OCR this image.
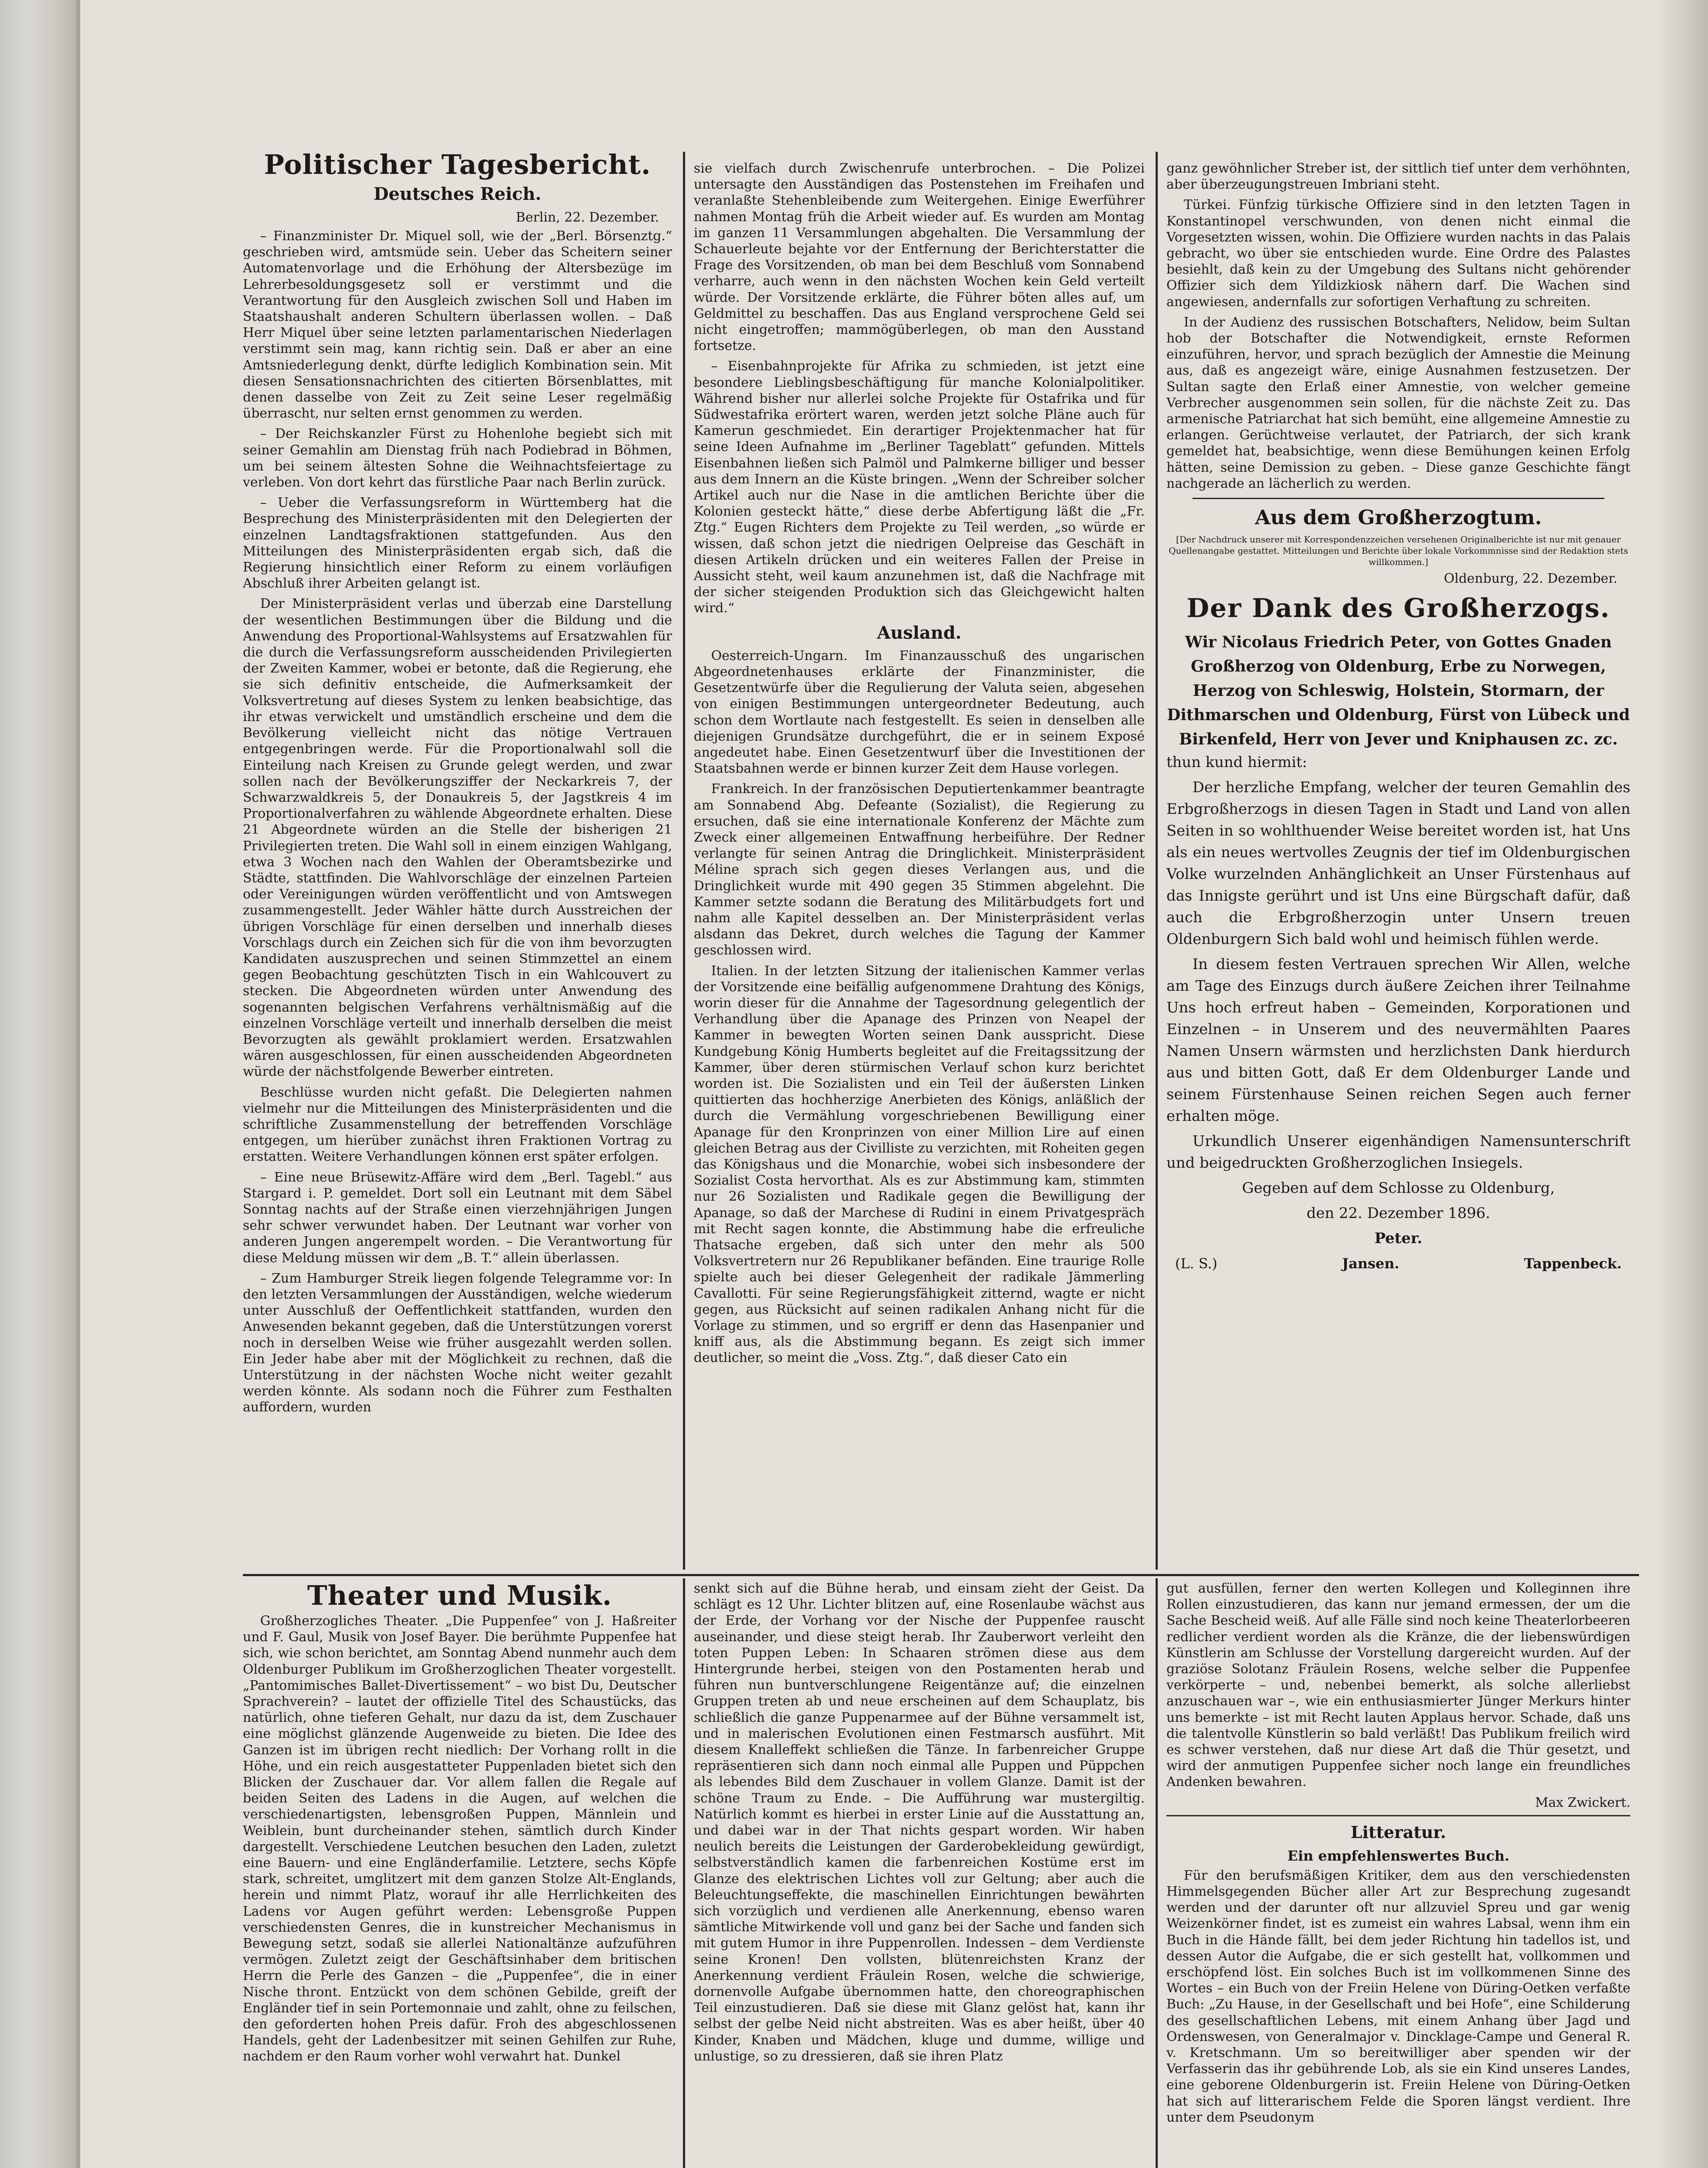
Politischer Tagesbericht.
Deutsches Reich.
Berlin, 22. Dezember.

– Finanzminister Dr. Miquel soll, wie der „Berl. Börsenztg.“ geschrieben wird, amtsmüde sein. Ueber das Scheitern seiner Automatenvorlage und die Erhöhung der Altersbezüge im Lehrerbesoldungsgesetz soll er verstimmt und die Verantwortung für den Ausgleich zwischen Soll und Haben im Staatshaushalt anderen Schultern überlassen wollen. – Daß Herr Miquel über seine letzten parlamentarischen Niederlagen verstimmt sein mag, kann richtig sein. Daß er aber an eine Amtsniederlegung denkt, dürfte lediglich Kombination sein. Mit diesen Sensationsnachrichten des citierten Börsenblattes, mit denen dasselbe von Zeit zu Zeit seine Leser regelmäßig überrascht, nur selten ernst genommen zu werden.

– Der Reichskanzler Fürst zu Hohenlohe begiebt sich mit seiner Gemahlin am Dienstag früh nach Podiebrad in Böhmen, um bei seinem ältesten Sohne die Weihnachtsfeiertage zu verleben. Von dort kehrt das fürstliche Paar nach Berlin zurück.

– Ueber die Verfassungsreform in Württemberg hat die Besprechung des Ministerpräsidenten mit den Delegierten der einzelnen Landtagsfraktionen stattgefunden. Aus den Mitteilungen des Ministerpräsidenten ergab sich, daß die Regierung hinsichtlich einer Reform zu einem vorläufigen Abschluß ihrer Arbeiten gelangt ist.

Der Ministerpräsident verlas und überzab eine Darstellung der wesentlichen Bestimmungen über die Bildung und die Anwendung des Proportional-Wahlsystems auf Ersatzwahlen für die durch die Verfassungsreform ausscheidenden Privilegierten der Zweiten Kammer, wobei er betonte, daß die Regierung, ehe sie sich definitiv entscheide, die Aufmerksamkeit der Volksvertretung auf dieses System zu lenken beabsichtige, das ihr etwas verwickelt und umständlich erscheine und dem die Bevölkerung vielleicht nicht das nötige Vertrauen entgegenbringen werde. Für die Proportionalwahl soll die Einteilung nach Kreisen zu Grunde gelegt werden, und zwar sollen nach der Bevölkerungsziffer der Neckarkreis 7, der Schwarzwaldkreis 5, der Donaukreis 5, der Jagstkreis 4 im Proportionalverfahren zu wählende Abgeordnete erhalten. Diese 21 Abgeordnete würden an die Stelle der bisherigen 21 Privilegierten treten. Die Wahl soll in einem einzigen Wahlgang, etwa 3 Wochen nach den Wahlen der Oberamtsbezirke und Städte, stattfinden. Die Wahlvorschläge der einzelnen Parteien oder Vereinigungen würden veröffentlicht und von Amtswegen zusammengestellt. Jeder Wähler hätte durch Ausstreichen der übrigen Vorschläge für einen derselben und innerhalb dieses Vorschlags durch ein Zeichen sich für die von ihm bevorzugten Kandidaten auszusprechen und seinen Stimmzettel an einem gegen Beobachtung geschützten Tisch in ein Wahlcouvert zu stecken. Die Abgeordneten würden unter Anwendung des sogenannten belgischen Verfahrens verhältnismäßig auf die einzelnen Vorschläge verteilt und innerhalb derselben die meist Bevorzugten als gewählt proklamiert werden. Ersatzwahlen wären ausgeschlossen, für einen ausscheidenden Abgeordneten würde der nächstfolgende Bewerber eintreten.

Beschlüsse wurden nicht gefaßt. Die Delegierten nahmen vielmehr nur die Mitteilungen des Ministerpräsidenten und die schriftliche Zusammenstellung der betreffenden Vorschläge entgegen, um hierüber zunächst ihren Fraktionen Vortrag zu erstatten. Weitere Verhandlungen können erst später erfolgen.

– Eine neue Brüsewitz-Affäre wird dem „Berl. Tagebl.“ aus Stargard i. P. gemeldet. Dort soll ein Leutnant mit dem Säbel Sonntag nachts auf der Straße einen vierzehnjährigen Jungen sehr schwer verwundet haben. Der Leutnant war vorher von anderen Jungen angerempelt worden. – Die Verantwortung für diese Meldung müssen wir dem „B. T.“ allein überlassen.

– Zum Hamburger Streik liegen folgende Telegramme vor: In den letzten Versammlungen der Ausständigen, welche wiederum unter Ausschluß der Oeffentlichkeit stattfanden, wurden den Anwesenden bekannt gegeben, daß die Unterstützungen vorerst noch in derselben Weise wie früher ausgezahlt werden sollen. Ein Jeder habe aber mit der Möglichkeit zu rechnen, daß die Unterstützung in der nächsten Woche nicht weiter gezahlt werden könnte. Als sodann noch die Führer zum Festhalten auffordern, wurden

sie vielfach durch Zwischenrufe unterbrochen. – Die Polizei untersagte den Ausständigen das Postenstehen im Freihafen und veranlaßte Stehenbleibende zum Weitergehen. Einige Ewerführer nahmen Montag früh die Arbeit wieder auf. Es wurden am Montag im ganzen 11 Versammlungen abgehalten. Die Versammlung der Schauerleute bejahte vor der Entfernung der Berichterstatter die Frage des Vorsitzenden, ob man bei dem Beschluß vom Sonnabend verharre, auch wenn in den nächsten Wochen kein Geld verteilt würde. Der Vorsitzende erklärte, die Führer böten alles auf, um Geldmittel zu beschaffen. Das aus England versprochene Geld sei nicht eingetroffen; mammögüberlegen, ob man den Ausstand fortsetze.

– Eisenbahnprojekte für Afrika zu schmieden, ist jetzt eine besondere Lieblingsbeschäftigung für manche Kolonialpolitiker. Während bisher nur allerlei solche Projekte für Ostafrika und für Südwestafrika erörtert waren, werden jetzt solche Pläne auch für Kamerun geschmiedet. Ein derartiger Projektenmacher hat für seine Ideen Aufnahme im „Berliner Tageblatt“ gefunden. Mittels Eisenbahnen ließen sich Palmöl und Palmkerne billiger und besser aus dem Innern an die Küste bringen. „Wenn der Schreiber solcher Artikel auch nur die Nase in die amtlichen Berichte über die Kolonien gesteckt hätte,“ diese derbe Abfertigung läßt die „Fr. Ztg.“ Eugen Richters dem Projekte zu Teil werden, „so würde er wissen, daß schon jetzt die niedrigen Oelpreise das Geschäft in diesen Artikeln drücken und ein weiteres Fallen der Preise in Aussicht steht, weil kaum anzunehmen ist, daß die Nachfrage mit der sicher steigenden Produktion sich das Gleichgewicht halten wird.“

Ausland.

Oesterreich-Ungarn. Im Finanzausschuß des ungarischen Abgeordnetenhauses erklärte der Finanzminister, die Gesetzentwürfe über die Regulierung der Valuta seien, abgesehen von einigen Bestimmungen untergeordneter Bedeutung, auch schon dem Wortlaute nach festgestellt. Es seien in denselben alle diejenigen Grundsätze durchgeführt, die er in seinem Exposé angedeutet habe. Einen Gesetzentwurf über die Investitionen der Staatsbahnen werde er binnen kurzer Zeit dem Hause vorlegen.

Frankreich. In der französischen Deputiertenkammer beantragte am Sonnabend Abg. Defeante (Sozialist), die Regierung zu ersuchen, daß sie eine internationale Konferenz der Mächte zum Zweck einer allgemeinen Entwaffnung herbeiführe. Der Redner verlangte für seinen Antrag die Dringlichkeit. Ministerpräsident Méline sprach sich gegen dieses Verlangen aus, und die Dringlichkeit wurde mit 490 gegen 35 Stimmen abgelehnt. Die Kammer setzte sodann die Beratung des Militärbudgets fort und nahm alle Kapitel desselben an. Der Ministerpräsident verlas alsdann das Dekret, durch welches die Tagung der Kammer geschlossen wird.

Italien. In der letzten Sitzung der italienischen Kammer verlas der Vorsitzende eine beifällig aufgenommene Drahtung des Königs, worin dieser für die Annahme der Tagesordnung gelegentlich der Verhandlung über die Apanage des Prinzen von Neapel der Kammer in bewegten Worten seinen Dank ausspricht. Diese Kundgebung König Humberts begleitet auf die Freitagssitzung der Kammer, über deren stürmischen Verlauf schon kurz berichtet worden ist. Die Sozialisten und ein Teil der äußersten Linken quittierten das hochherzige Anerbieten des Königs, anläßlich der durch die Vermählung vorgeschriebenen Bewilligung einer Apanage für den Kronprinzen von einer Million Lire auf einen gleichen Betrag aus der Civilliste zu verzichten, mit Roheiten gegen das Königshaus und die Monarchie, wobei sich insbesondere der Sozialist Costa hervorthat. Als es zur Abstimmung kam, stimmten nur 26 Sozialisten und Radikale gegen die Bewilligung der Apanage, so daß der Marchese di Rudini in einem Privatgespräch mit Recht sagen konnte, die Abstimmung habe die erfreuliche Thatsache ergeben, daß sich unter den mehr als 500 Volksvertretern nur 26 Republikaner befänden. Eine traurige Rolle spielte auch bei dieser Gelegenheit der radikale Jämmerling Cavallotti. Für seine Regierungsfähigkeit zitternd, wagte er nicht gegen, aus Rücksicht auf seinen radikalen Anhang nicht für die Vorlage zu stimmen, und so ergriff er denn das Hasenpanier und kniff aus, als die Abstimmung begann. Es zeigt sich immer deutlicher, so meint die „Voss. Ztg.“, daß dieser Cato ein

ganz gewöhnlicher Streber ist, der sittlich tief unter dem verhöhnten, aber überzeugungstreuen Imbriani steht.

Türkei. Fünfzig türkische Offiziere sind in den letzten Tagen in Konstantinopel verschwunden, von denen nicht einmal die Vorgesetzten wissen, wohin. Die Offiziere wurden nachts in das Palais gebracht, wo über sie entschieden wurde. Eine Ordre des Palastes besiehlt, daß kein zu der Umgebung des Sultans nicht gehörender Offizier sich dem Yildizkiosk nähern darf. Die Wachen sind angewiesen, andernfalls zur sofortigen Verhaftung zu schreiten.

In der Audienz des russischen Botschafters, Nelidow, beim Sultan hob der Botschafter die Notwendigkeit, ernste Reformen einzuführen, hervor, und sprach bezüglich der Amnestie die Meinung aus, daß es angezeigt wäre, einige Ausnahmen festzusetzen. Der Sultan sagte den Erlaß einer Amnestie, von welcher gemeine Verbrecher ausgenommen sein sollen, für die nächste Zeit zu. Das armenische Patriarchat hat sich bemüht, eine allgemeine Amnestie zu erlangen. Gerüchtweise verlautet, der Patriarch, der sich krank gemeldet hat, beabsichtige, wenn diese Bemühungen keinen Erfolg hätten, seine Demission zu geben. – Diese ganze Geschichte fängt nachgerade an lächerlich zu werden.

Aus dem Großherzogtum.
[Der Nachdruck unserer mit Korrespondenzzeichen versehenen Originalberichte ist nur mit genauer Quellenangabe gestattet. Mitteilungen und Berichte über lokale Vorkommnisse sind der Redaktion stets willkommen.]
Oldenburg, 22. Dezember.
Der Dank des Großherzogs.

Wir Nicolaus Friedrich Peter, von Gottes Gnaden Großherzog von Oldenburg, Erbe zu Norwegen, Herzog von Schleswig, Holstein, Stormarn, der Dithmarschen und Oldenburg, Fürst von Lübeck und Birkenfeld, Herr von Jever und Kniphausen zc. zc.

thun kund hiermit:

Der herzliche Empfang, welcher der teuren Gemahlin des Erbgroßherzogs in diesen Tagen in Stadt und Land von allen Seiten in so wohlthuender Weise bereitet worden ist, hat Uns als ein neues wertvolles Zeugnis der tief im Oldenburgischen Volke wurzelnden Anhänglichkeit an Unser Fürstenhaus auf das Innigste gerührt und ist Uns eine Bürgschaft dafür, daß auch die Erbgroßherzogin unter Unsern treuen Oldenburgern Sich bald wohl und heimisch fühlen werde.

In diesem festen Vertrauen sprechen Wir Allen, welche am Tage des Einzugs durch äußere Zeichen ihrer Teilnahme Uns hoch erfreut haben – Gemeinden, Korporationen und Einzelnen – in Unserem und des neuvermählten Paares Namen Unsern wärmsten und herzlichsten Dank hierdurch aus und bitten Gott, daß Er dem Oldenburger Lande und seinem Fürstenhause Seinen reichen Segen auch ferner erhalten möge.

Urkundlich Unserer eigenhändigen Namensunterschrift und beigedruckten Großherzoglichen Insiegels.

Gegeben auf dem Schlosse zu Oldenburg,

den 22. Dezember 1896.

Peter.

(L. S.)	Jansen.	Tappenbeck.
Theater und Musik.

Großherzogliches Theater. „Die Puppenfee“ von J. Haßreiter und F. Gaul, Musik von Josef Bayer. Die berühmte Puppenfee hat sich, wie schon berichtet, am Sonntag Abend nunmehr auch dem Oldenburger Publikum im Großherzoglichen Theater vorgestellt. „Pantomimisches Ballet-Divertissement“ – wo bist Du, Deutscher Sprachverein? – lautet der offizielle Titel des Schaustücks, das natürlich, ohne tieferen Gehalt, nur dazu da ist, dem Zuschauer eine möglichst glänzende Augenweide zu bieten. Die Idee des Ganzen ist im übrigen recht niedlich: Der Vorhang rollt in die Höhe, und ein reich ausgestatteter Puppenladen bietet sich den Blicken der Zuschauer dar. Vor allem fallen die Regale auf beiden Seiten des Ladens in die Augen, auf welchen die verschiedenartigsten, lebensgroßen Puppen, Männlein und Weiblein, bunt durcheinander stehen, sämtlich durch Kinder dargestellt. Verschiedene Leutchen besuchen den Laden, zuletzt eine Bauern- und eine Engländerfamilie. Letztere, sechs Köpfe stark, schreitet, umglitzert mit dem ganzen Stolze Alt-Englands, herein und nimmt Platz, worauf ihr alle Herrlichkeiten des Ladens vor Augen geführt werden: Lebensgroße Puppen verschiedensten Genres, die in kunstreicher Mechanismus in Bewegung setzt, sodaß sie allerlei Nationaltänze aufzuführen vermögen. Zuletzt zeigt der Geschäftsinhaber dem britischen Herrn die Perle des Ganzen – die „Puppenfee“, die in einer Nische thront. Entzückt von dem schönen Gebilde, greift der Engländer tief in sein Portemonnaie und zahlt, ohne zu feilschen, den geforderten hohen Preis dafür. Froh des abgeschlossenen Handels, geht der Ladenbesitzer mit seinen Gehilfen zur Ruhe, nachdem er den Raum vorher wohl verwahrt hat. Dunkel

senkt sich auf die Bühne herab, und einsam zieht der Geist. Da schlägt es 12 Uhr. Lichter blitzen auf, eine Rosenlaube wächst aus der Erde, der Vorhang vor der Nische der Puppenfee rauscht auseinander, und diese steigt herab. Ihr Zauberwort verleiht den toten Puppen Leben: In Schaaren strömen diese aus dem Hintergrunde herbei, steigen von den Postamenten herab und führen nun buntverschlungene Reigentänze auf; die einzelnen Gruppen treten ab und neue erscheinen auf dem Schauplatz, bis schließlich die ganze Puppenarmee auf der Bühne versammelt ist, und in malerischen Evolutionen einen Festmarsch ausführt. Mit diesem Knalleffekt schließen die Tänze. In farbenreicher Gruppe repräsentieren sich dann noch einmal alle Puppen und Püppchen als lebendes Bild dem Zuschauer in vollem Glanze. Damit ist der schöne Traum zu Ende. – Die Aufführung war mustergiltig. Natürlich kommt es hierbei in erster Linie auf die Ausstattung an, und dabei war in der That nichts gespart worden. Wir haben neulich bereits die Leistungen der Garderobekleidung gewürdigt, selbstverständlich kamen die farbenreichen Kostüme erst im Glanze des elektrischen Lichtes voll zur Geltung; aber auch die Beleuchtungseffekte, die maschinellen Einrichtungen bewährten sich vorzüglich und verdienen alle Anerkennung, ebenso waren sämtliche Mitwirkende voll und ganz bei der Sache und fanden sich mit gutem Humor in ihre Puppenrollen. Indessen – dem Verdienste seine Kronen! Den vollsten, blütenreichsten Kranz der Anerkennung verdient Fräulein Rosen, welche die schwierige, dornenvolle Aufgabe übernommen hatte, den choreographischen Teil einzustudieren. Daß sie diese mit Glanz gelöst hat, kann ihr selbst der gelbe Neid nicht abstreiten. Was es aber heißt, über 40 Kinder, Knaben und Mädchen, kluge und dumme, willige und unlustige, so zu dressieren, daß sie ihren Platz

gut ausfüllen, ferner den werten Kollegen und Kolleginnen ihre Rollen einzustudieren, das kann nur jemand ermessen, der um die Sache Bescheid weiß. Auf alle Fälle sind noch keine Theaterlorbeeren redlicher verdient worden als die Kränze, die der liebenswürdigen Künstlerin am Schlusse der Vorstellung dargereicht wurden. Auf der graziöse Solotanz Fräulein Rosens, welche selber die Puppenfee verkörperte – und, nebenbei bemerkt, als solche allerliebst anzuschauen war –, wie ein enthusiasmierter Jünger Merkurs hinter uns bemerkte – ist mit Recht lauten Applaus hervor. Schade, daß uns die talentvolle Künstlerin so bald verläßt! Das Publikum freilich wird es schwer verstehen, daß nur diese Art daß die Thür gesetzt, und wird der anmutigen Puppenfee sicher noch lange ein freundliches Andenken bewahren.

Max Zwickert.

Litteratur.
Ein empfehlenswertes Buch.

Für den berufsmäßigen Kritiker, dem aus den verschiedensten Himmelsgegenden Bücher aller Art zur Besprechung zugesandt werden und der darunter oft nur allzuviel Spreu und gar wenig Weizenkörner findet, ist es zumeist ein wahres Labsal, wenn ihm ein Buch in die Hände fällt, bei dem jeder Richtung hin tadellos ist, und dessen Autor die Aufgabe, die er sich gestellt hat, vollkommen und erschöpfend löst. Ein solches Buch ist im vollkommenen Sinne des Wortes – ein Buch von der Freiin Helene von Düring-Oetken verfaßte Buch: „Zu Hause, in der Gesellschaft und bei Hofe“, eine Schilderung des gesellschaftlichen Lebens, mit einem Anhang über Jagd und Ordenswesen, von Generalmajor v. Dincklage-Campe und General R. v. Kretschmann. Um so bereitwilliger aber spenden wir der Verfasserin das ihr gebührende Lob, als sie ein Kind unseres Landes, eine geborene Oldenburgerin ist. Freiin Helene von Düring-Oetken hat sich auf litterarischem Felde die Sporen längst verdient. Ihre unter dem Pseudonym
